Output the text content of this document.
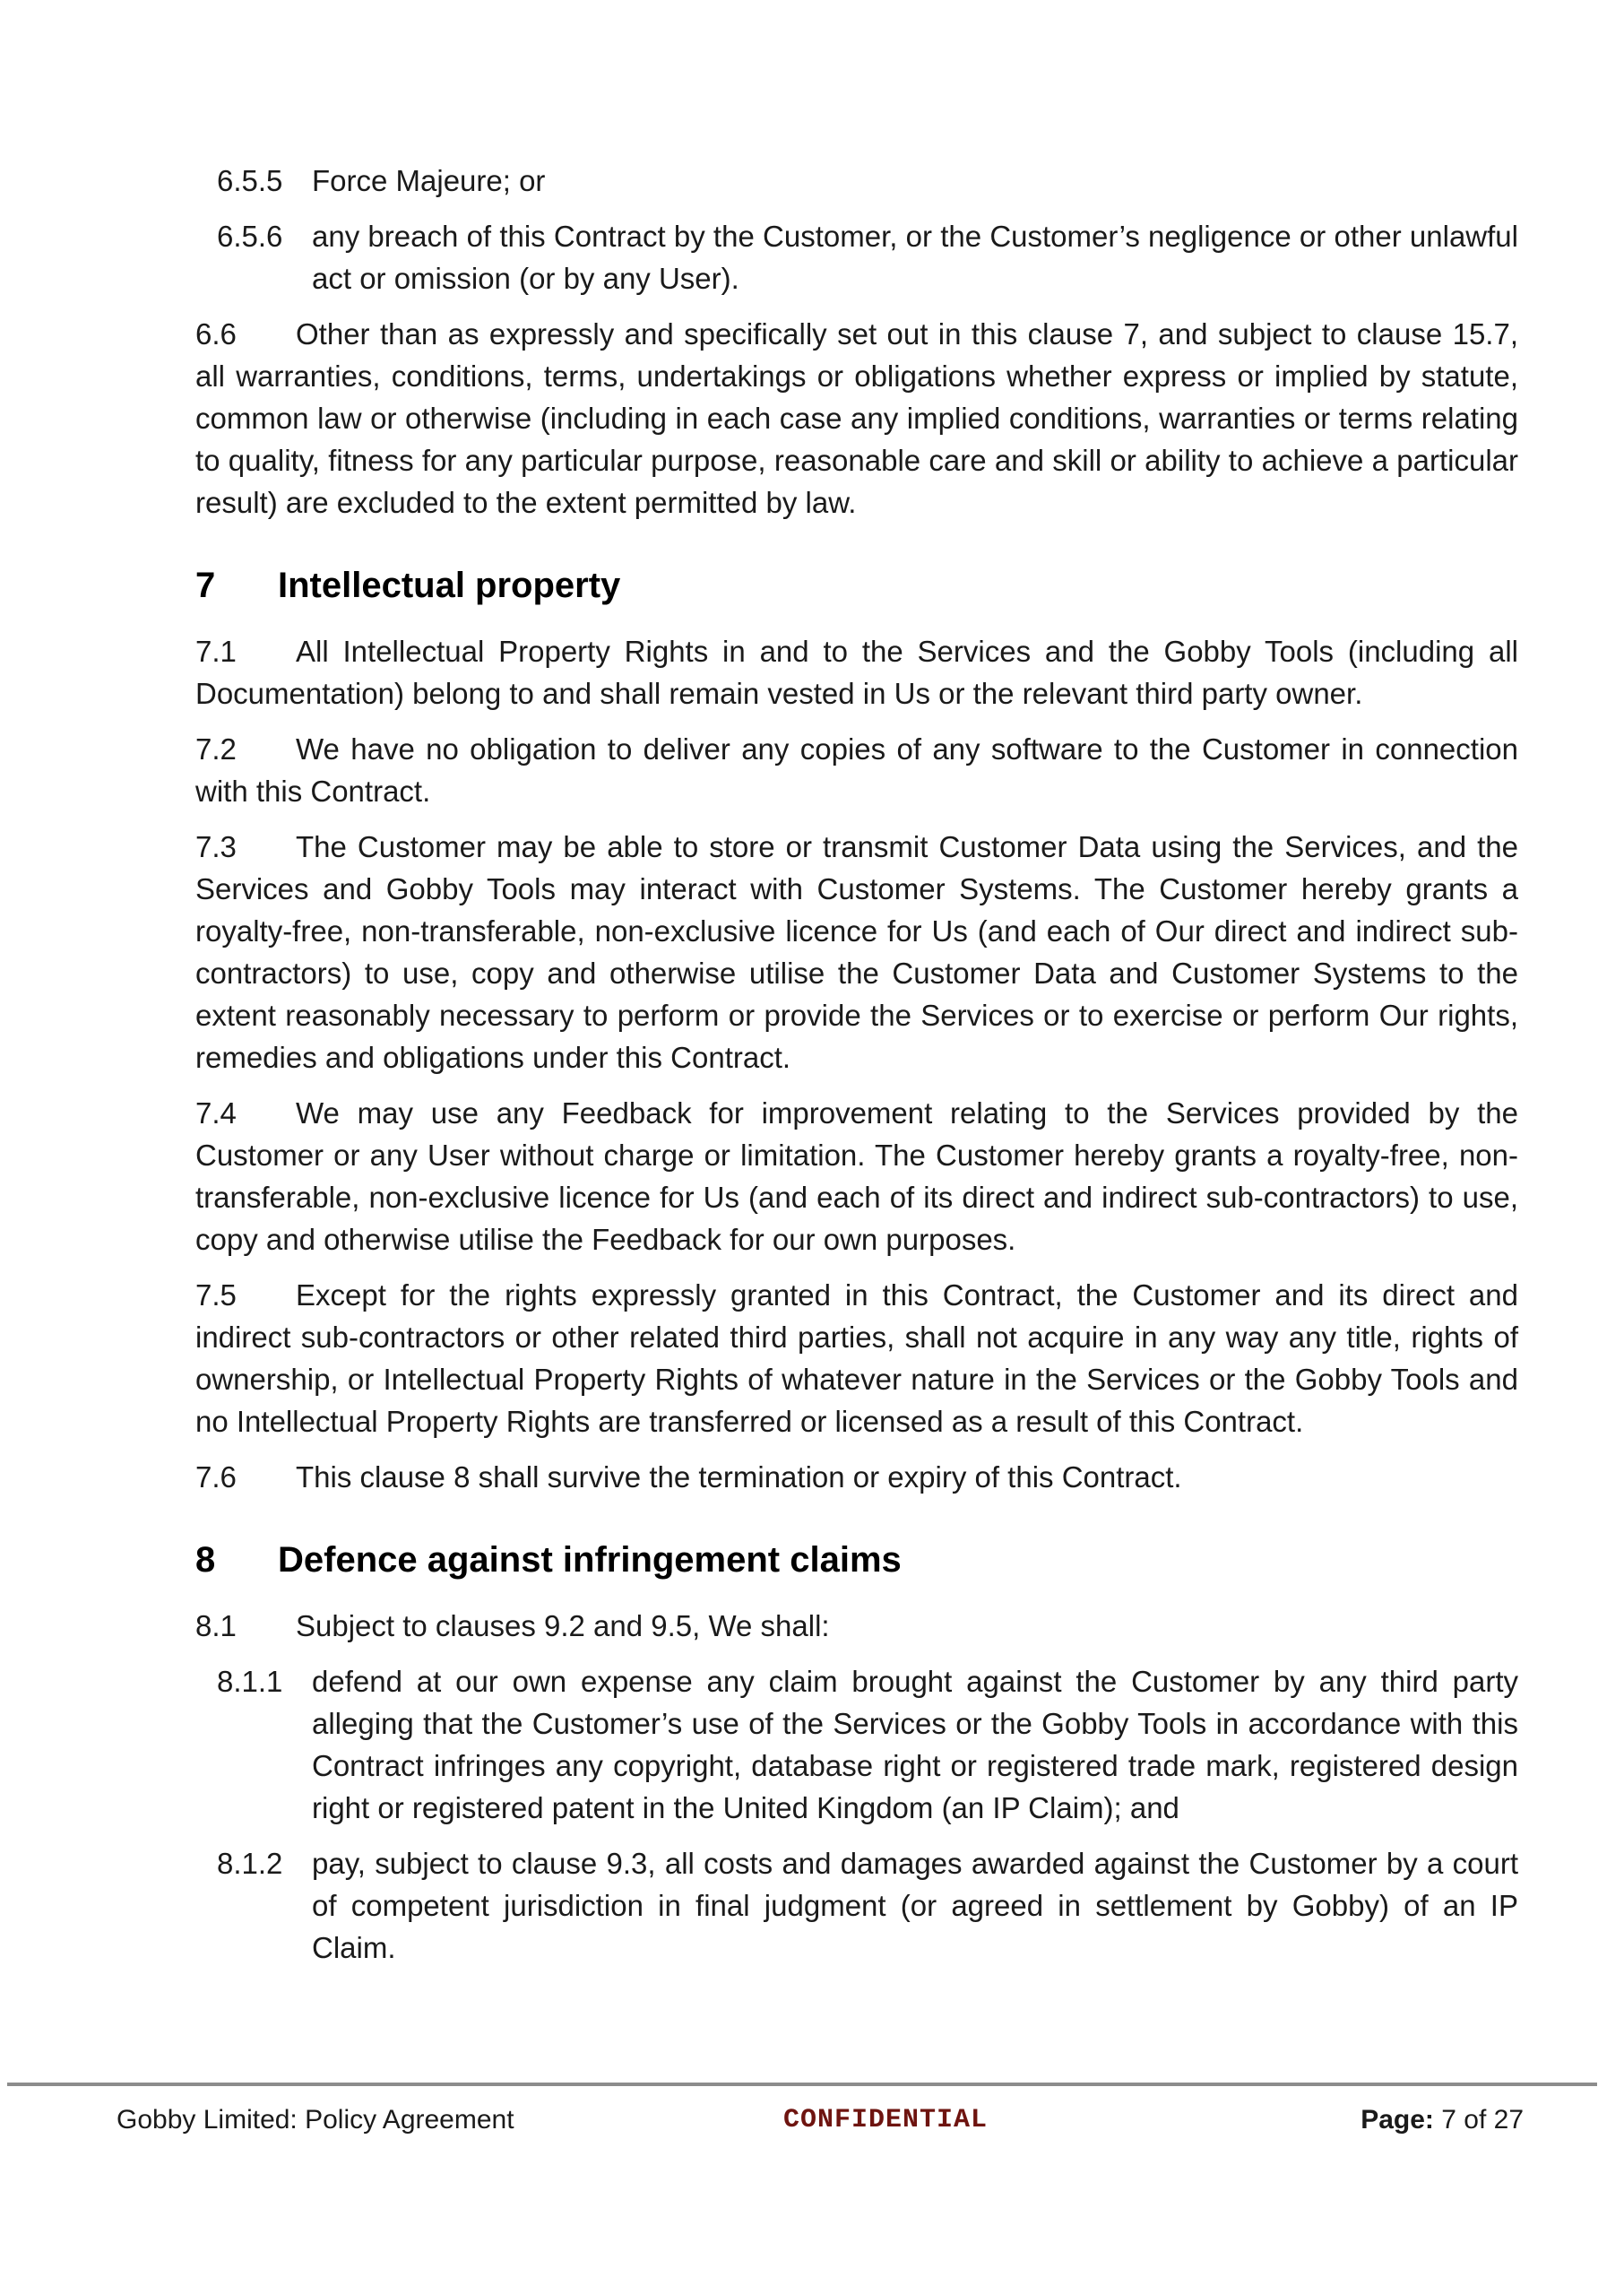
6.5.5 Force Majeure; or
6.5.6 any breach of this Contract by the Customer, or the Customer’s negligence or other unlawful act or omission (or by any User).
6.6 Other than as expressly and specifically set out in this clause 7, and subject to clause 15.7, all warranties, conditions, terms, undertakings or obligations whether express or implied by statute, common law or otherwise (including in each case any implied conditions, warranties or terms relating to quality, fitness for any particular purpose, reasonable care and skill or ability to achieve a particular result) are excluded to the extent permitted by law.
7 Intellectual property
7.1 All Intellectual Property Rights in and to the Services and the Gobby Tools (including all Documentation) belong to and shall remain vested in Us or the relevant third party owner.
7.2 We have no obligation to deliver any copies of any software to the Customer in connection with this Contract.
7.3 The Customer may be able to store or transmit Customer Data using the Services, and the Services and Gobby Tools may interact with Customer Systems. The Customer hereby grants a royalty-free, non-transferable, non-exclusive licence for Us (and each of Our direct and indirect sub-contractors) to use, copy and otherwise utilise the Customer Data and Customer Systems to the extent reasonably necessary to perform or provide the Services or to exercise or perform Our rights, remedies and obligations under this Contract.
7.4 We may use any Feedback for improvement relating to the Services provided by the Customer or any User without charge or limitation. The Customer hereby grants a royalty-free, non-transferable, non-exclusive licence for Us (and each of its direct and indirect sub-contractors) to use, copy and otherwise utilise the Feedback for our own purposes.
7.5 Except for the rights expressly granted in this Contract, the Customer and its direct and indirect sub-contractors or other related third parties, shall not acquire in any way any title, rights of ownership, or Intellectual Property Rights of whatever nature in the Services or the Gobby Tools and no Intellectual Property Rights are transferred or licensed as a result of this Contract.
7.6 This clause 8 shall survive the termination or expiry of this Contract.
8 Defence against infringement claims
8.1 Subject to clauses 9.2 and 9.5, We shall:
8.1.1 defend at our own expense any claim brought against the Customer by any third party alleging that the Customer’s use of the Services or the Gobby Tools in accordance with this Contract infringes any copyright, database right or registered trade mark, registered design right or registered patent in the United Kingdom (an IP Claim); and
8.1.2 pay, subject to clause 9.3, all costs and damages awarded against the Customer by a court of competent jurisdiction in final judgment (or agreed in settlement by Gobby) of an IP Claim.
Gobby Limited: Policy Agreement	CONFIDENTIAL	Page: 7 of 27
